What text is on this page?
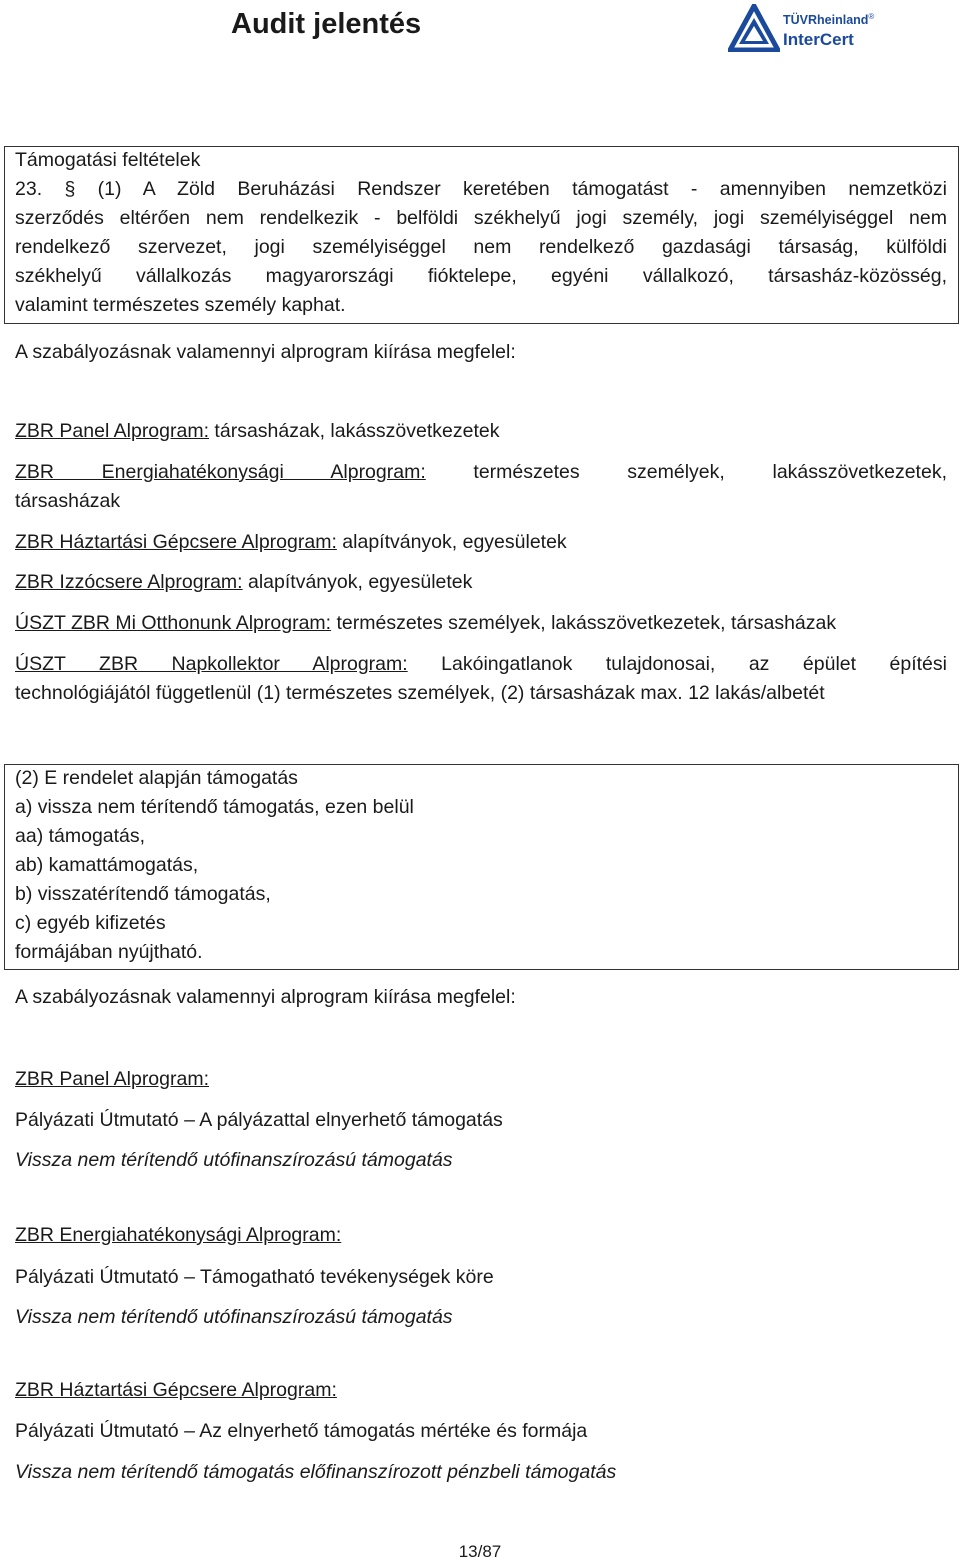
Audit jelentés	TÜVRheinland®
InterCert
Támogatási feltételek
23. § (1) A Zöld Beruházási Rendszer keretében támogatást - amennyiben nemzetközi
szerződés eltérően nem rendelkezik - belföldi székhelyű jogi személy, jogi személyiséggel nem
rendelkező szervezet, jogi személyiséggel nem rendelkező gazdasági társaság, külföldi
székhelyű vállalkozás magyarországi fióktelepe, egyéni vállalkozó, társasház-közösség,
valamint természetes személy kaphat.
A szabályozásnak valamennyi alprogram kiírása megfelel:
ZBR Panel Alprogram: társasházak, lakásszövetkezetek
ZBR Energiahatékonysági Alprogram: természetes személyek, lakásszövetkezetek,
társasházak
ZBR Háztartási Gépcsere Alprogram: alapítványok, egyesületek
ZBR Izzócsere Alprogram: alapítványok, egyesületek
ÚSZT ZBR Mi Otthonunk Alprogram: természetes személyek, lakásszövetkezetek, társasházak
ÚSZT ZBR Napkollektor Alprogram: Lakóingatlanok tulajdonosai, az épület építési
technológiájától függetlenül (1) természetes személyek, (2) társasházak max. 12 lakás/albetét
(2) E rendelet alapján támogatás
a) vissza nem térítendő támogatás, ezen belül
aa) támogatás,
ab) kamattámogatás,
b) visszatérítendő támogatás,
c) egyéb kifizetés
formájában nyújtható.
A szabályozásnak valamennyi alprogram kiírása megfelel:
ZBR Panel Alprogram:
Pályázati Útmutató – A pályázattal elnyerhető támogatás
Vissza nem térítendő utófinanszírozású támogatás
ZBR Energiahatékonysági Alprogram:
Pályázati Útmutató – Támogatható tevékenységek köre
Vissza nem térítendő utófinanszírozású támogatás
ZBR Háztartási Gépcsere Alprogram:
Pályázati Útmutató – Az elnyerhető támogatás mértéke és formája
Vissza nem térítendő támogatás előfinanszírozott pénzbeli támogatás
13/87
